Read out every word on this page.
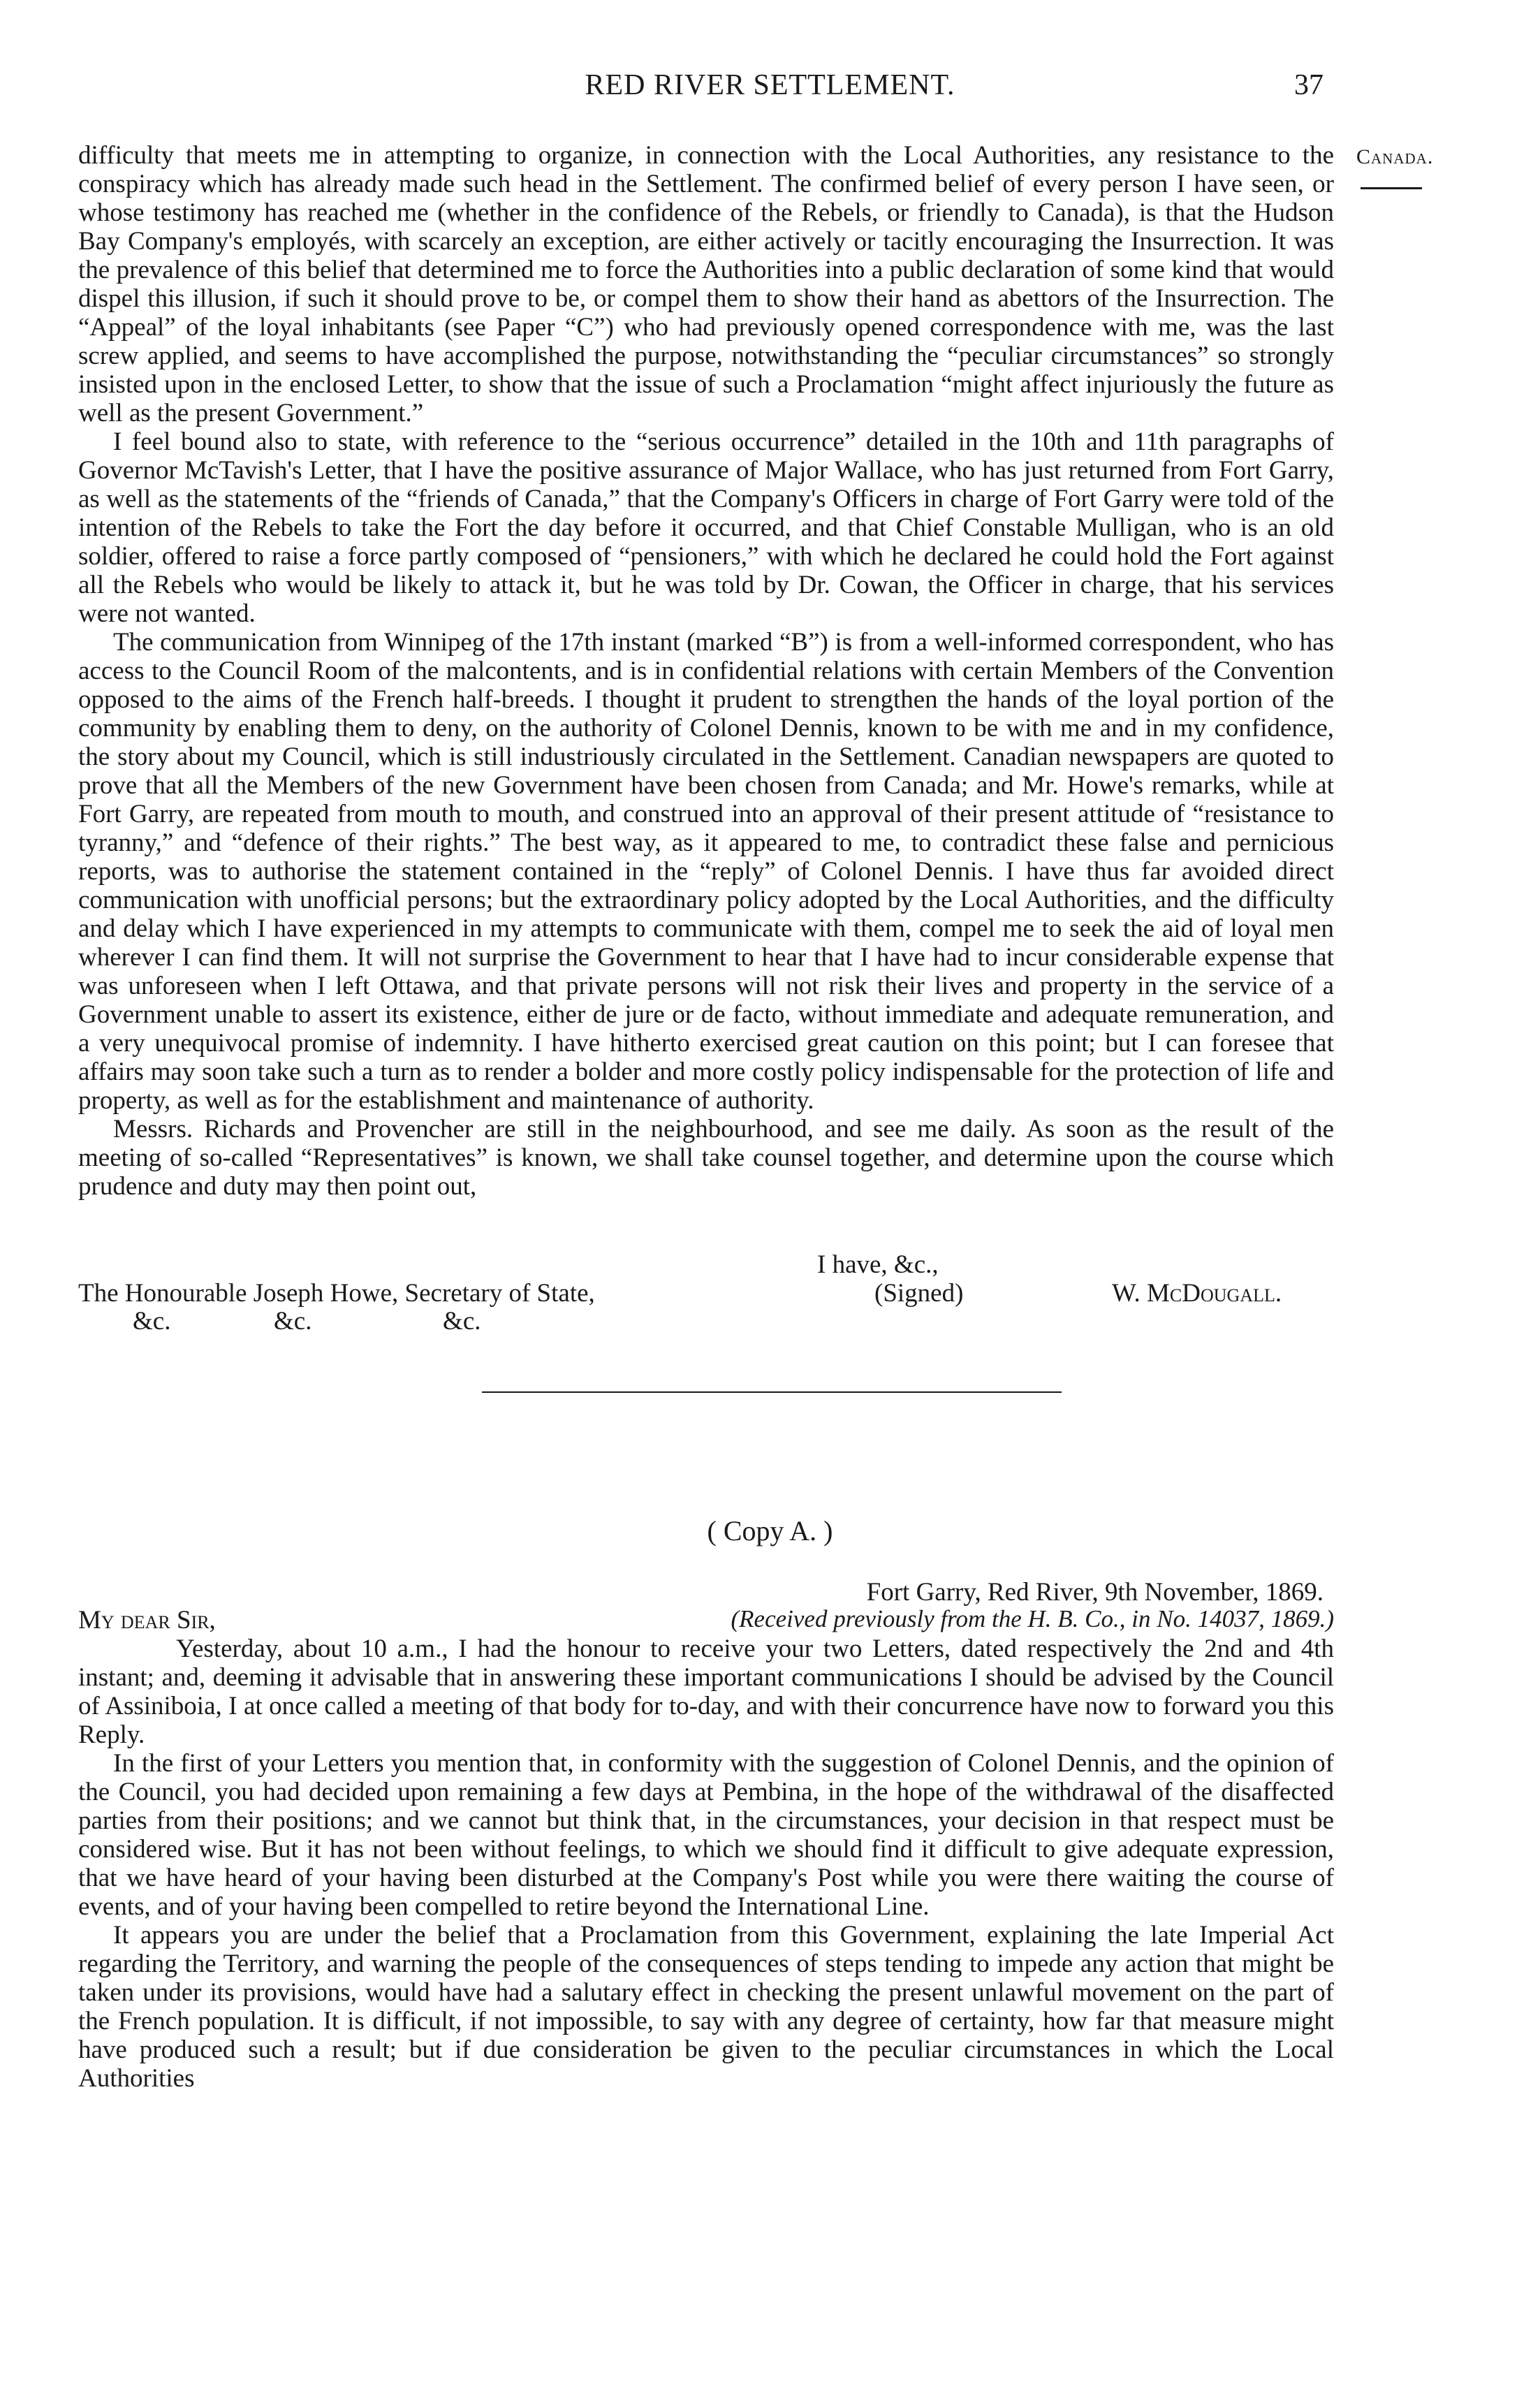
RED RIVER SETTLEMENT.	37
Canada.

difficulty that meets me in attempting to organize, in connection with the Local Authorities, any resistance to the conspiracy which has already made such head in the Settlement. The confirmed belief of every person I have seen, or whose testimony has reached me (whether in the confidence of the Rebels, or friendly to Canada), is that the Hudson Bay Company's employés, with scarcely an exception, are either actively or tacitly encouraging the Insurrection. It was the prevalence of this belief that determined me to force the Authorities into a public declaration of some kind that would dispel this illusion, if such it should prove to be, or compel them to show their hand as abettors of the Insurrection. The “Appeal” of the loyal inhabitants (see Paper “C”) who had previously opened correspondence with me, was the last screw applied, and seems to have accomplished the purpose, notwithstanding the “peculiar circumstances” so strongly insisted upon in the enclosed Letter, to show that the issue of such a Proclamation “might affect injuriously the future as well as the present Government.”

I feel bound also to state, with reference to the “serious occurrence” detailed in the 10th and 11th paragraphs of Governor McTavish's Letter, that I have the positive assurance of Major Wallace, who has just returned from Fort Garry, as well as the statements of the “friends of Canada,” that the Company's Officers in charge of Fort Garry were told of the intention of the Rebels to take the Fort the day before it occurred, and that Chief Constable Mulligan, who is an old soldier, offered to raise a force partly composed of “pensioners,” with which he declared he could hold the Fort against all the Rebels who would be likely to attack it, but he was told by Dr. Cowan, the Officer in charge, that his services were not wanted.

The communication from Winnipeg of the 17th instant (marked “B”) is from a well-informed correspondent, who has access to the Council Room of the malcontents, and is in confidential relations with certain Members of the Convention opposed to the aims of the French half-breeds. I thought it prudent to strengthen the hands of the loyal portion of the community by enabling them to deny, on the authority of Colonel Dennis, known to be with me and in my confidence, the story about my Council, which is still industriously circulated in the Settlement. Canadian newspapers are quoted to prove that all the Members of the new Government have been chosen from Canada; and Mr. Howe's remarks, while at Fort Garry, are repeated from mouth to mouth, and construed into an approval of their present attitude of “resistance to tyranny,” and “defence of their rights.” The best way, as it appeared to me, to contradict these false and pernicious reports, was to authorise the statement contained in the “reply” of Colonel Dennis. I have thus far avoided direct communication with unofficial persons; but the extraordinary policy adopted by the Local Authorities, and the difficulty and delay which I have experienced in my attempts to communicate with them, compel me to seek the aid of loyal men wherever I can find them. It will not surprise the Government to hear that I have had to incur considerable expense that was unforeseen when I left Ottawa, and that private persons will not risk their lives and property in the service of a Government unable to assert its existence, either de jure or de facto, without immediate and adequate remuneration, and a very unequivocal promise of indemnity. I have hitherto exercised great caution on this point; but I can foresee that affairs may soon take such a turn as to render a bolder and more costly policy indispensable for the protection of life and property, as well as for the establishment and maintenance of authority.

Messrs. Richards and Provencher are still in the neighbourhood, and see me daily. As soon as the result of the meeting of so-called “Representatives” is known, we shall take counsel together, and determine upon the course which prudence and duty may then point out,

I have, &c.,
The Honourable Joseph Howe, Secretary of State,	(Signed)	W. McDougall.
&c.	&c.	&c.
( Copy A. )
Fort Garry, Red River, 9th November, 1869.
My dear Sir,	(Received previously from the H. B. Co., in No. 14037, 1869.)

Yesterday, about 10 a.m., I had the honour to receive your two Letters, dated respectively the 2nd and 4th instant; and, deeming it advisable that in answering these important communications I should be advised by the Council of Assiniboia, I at once called a meeting of that body for to-day, and with their concurrence have now to forward you this Reply.

In the first of your Letters you mention that, in conformity with the suggestion of Colonel Dennis, and the opinion of the Council, you had decided upon remaining a few days at Pembina, in the hope of the withdrawal of the disaffected parties from their positions; and we cannot but think that, in the circumstances, your decision in that respect must be considered wise. But it has not been without feelings, to which we should find it difficult to give adequate expression, that we have heard of your having been disturbed at the Company's Post while you were there waiting the course of events, and of your having been compelled to retire beyond the International Line.

It appears you are under the belief that a Proclamation from this Government, explaining the late Imperial Act regarding the Territory, and warning the people of the consequences of steps tending to impede any action that might be taken under its provisions, would have had a salutary effect in checking the present unlawful movement on the part of the French population. It is difficult, if not impossible, to say with any degree of certainty, how far that measure might have produced such a result; but if due consideration be given to the peculiar circumstances in which the Local Authorities
